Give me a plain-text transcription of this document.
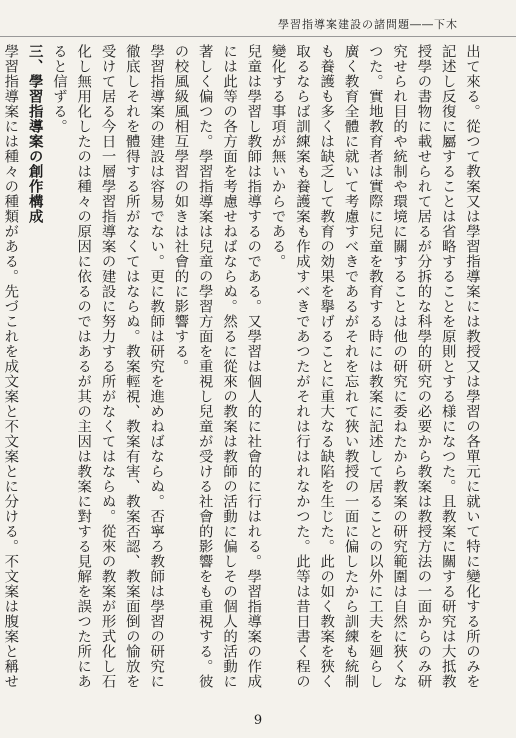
學習指導案建設の諸問題――下木

出て來る。從つて教案又は學習指導案には教授又は學習の各單元に就いて特に變化する所のみを記述し反復に屬することは省略することを原則とする様になつた。且教案に關する研究は大抵教授學の書物に載せられて居るが分拆的な科學的研究の必要から教案は教授方法の一面からのみ研究せられ目的や統制や環境に關することは他の研究に委ねたから教案の研究範圍は自然に狹くなつた。實地教育者は實際に兒童を教育する時には教案に記述して居ることの以外に工夫を廻らし廣く教育全體に就いて考慮すべきであるがそれを忘れて狹い教授の一面に偏したから訓練も統制も養護も多くは缺乏して教育の効果を擧げることに重大なる缺陷を生じた。此の如く教案を狹く取るならば訓練案も養護案も作成すべきであつたがそれは行はれなかつた。此等は昔日書く程の變化する事項が無いからである。

兒童は學習し教師は指導するのである。又學習は個人的に社會的に行はれる。學習指導案の作成には此等の各方面を考慮せねばならぬ。然るに從來の教案は教師の活動に偏しその個人的活動に著しく偏つた。學習指導案は兒童の學習方面を重視し兒童が受ける社會的影響をも重視する。彼の校風級風相互學習の如きは社會的に影響する。

學習指導案の建設は容易でない。更に教師は研究を進めねばならぬ。否寧ろ教師は學習の研究に徹底しそれを體得する所がなくてはならぬ。教案輕視、教案有害、教案否認、教案面倒の愉放を受けて居る今日一層學習指導案の建設に努力する所がなくてはならぬ。從來の教案が形式化し石化し無用化したのは種々の原因に依るのではあるが其の主因は教案に對する見解を誤つた所にあると信ずる。

三、學習指導案の創作構成

學習指導案には種々の種類がある。先づこれを成文案と不文案とに分ける。不文案は腹案と稱せ

9
